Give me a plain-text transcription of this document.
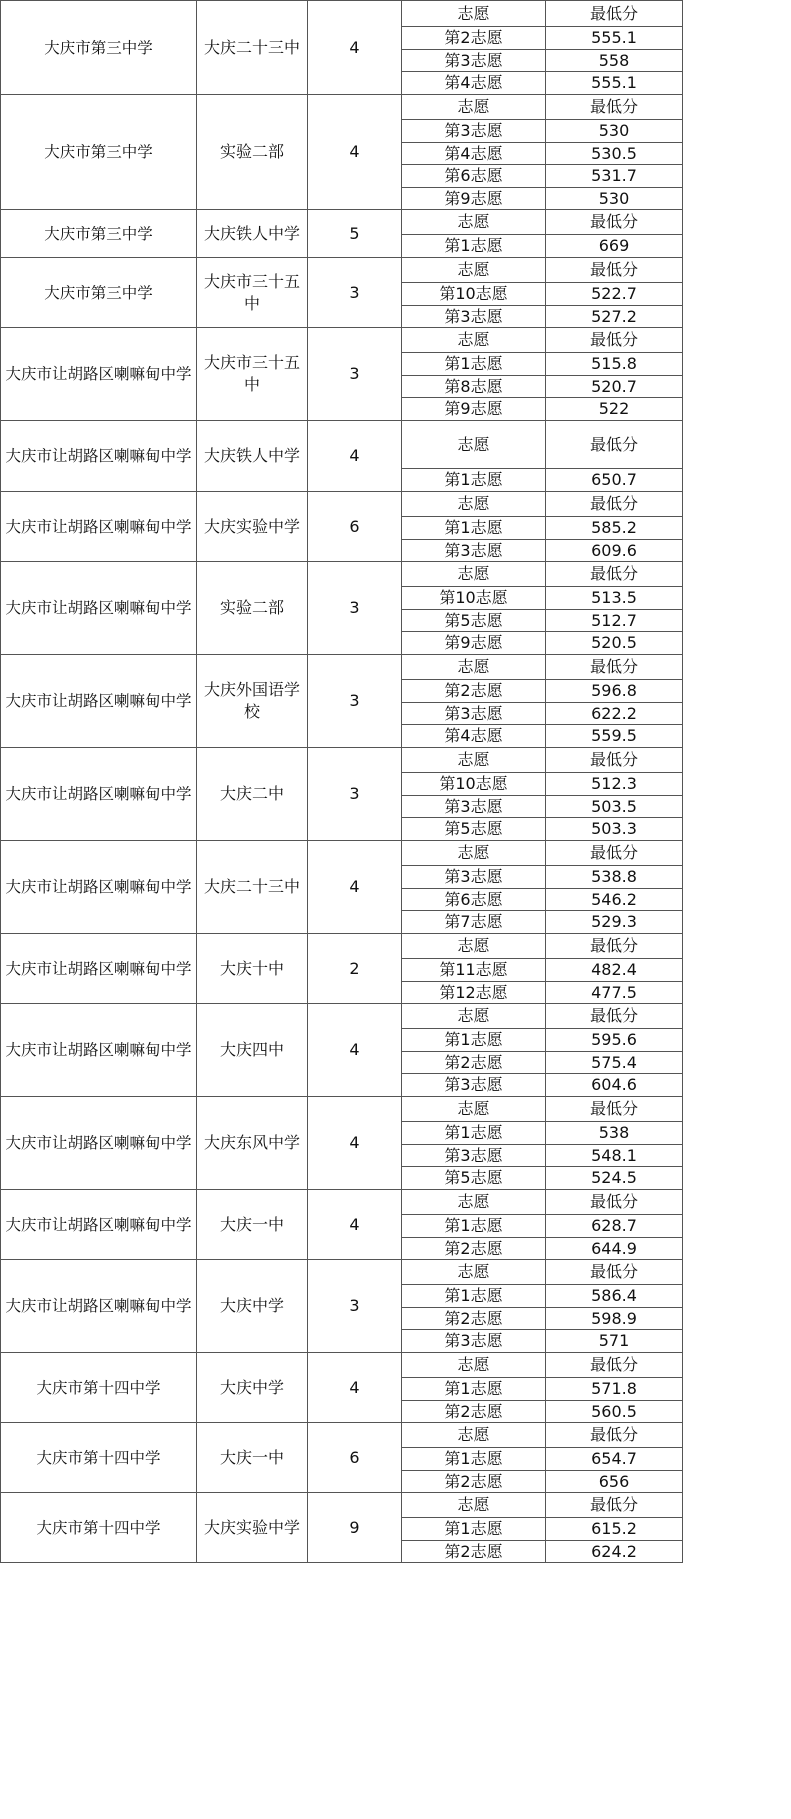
大庆市第三中学	大庆二十三中	4	志愿	最低分
			第2志愿	555.1
			第3志愿	558
			第4志愿	555.1
大庆市第三中学	实验二部	4	志愿	最低分
			第3志愿	530
			第4志愿	530.5
			第6志愿	531.7
			第9志愿	530
大庆市第三中学	大庆铁人中学	5	志愿	最低分
			第1志愿	669
大庆市第三中学	大庆市三十五中	3	志愿	最低分
			第10志愿	522.7
			第3志愿	527.2
大庆市让胡路区喇嘛甸中学	大庆市三十五中	3	志愿	最低分
			第1志愿	515.8
			第8志愿	520.7
			第9志愿	522
大庆市让胡路区喇嘛甸中学	大庆铁人中学	4	志愿	最低分
			第1志愿	650.7
大庆市让胡路区喇嘛甸中学	大庆实验中学	6	志愿	最低分
			第1志愿	585.2
			第3志愿	609.6
大庆市让胡路区喇嘛甸中学	实验二部	3	志愿	最低分
			第10志愿	513.5
			第5志愿	512.7
			第9志愿	520.5
大庆市让胡路区喇嘛甸中学	大庆外国语学校	3	志愿	最低分
			第2志愿	596.8
			第3志愿	622.2
			第4志愿	559.5
大庆市让胡路区喇嘛甸中学	大庆二中	3	志愿	最低分
			第10志愿	512.3
			第3志愿	503.5
			第5志愿	503.3
大庆市让胡路区喇嘛甸中学	大庆二十三中	4	志愿	最低分
			第3志愿	538.8
			第6志愿	546.2
			第7志愿	529.3
大庆市让胡路区喇嘛甸中学	大庆十中	2	志愿	最低分
			第11志愿	482.4
			第12志愿	477.5
大庆市让胡路区喇嘛甸中学	大庆四中	4	志愿	最低分
			第1志愿	595.6
			第2志愿	575.4
			第3志愿	604.6
大庆市让胡路区喇嘛甸中学	大庆东风中学	4	志愿	最低分
			第1志愿	538
			第3志愿	548.1
			第5志愿	524.5
大庆市让胡路区喇嘛甸中学	大庆一中	4	志愿	最低分
			第1志愿	628.7
			第2志愿	644.9
大庆市让胡路区喇嘛甸中学	大庆中学	3	志愿	最低分
			第1志愿	586.4
			第2志愿	598.9
			第3志愿	571
大庆市第十四中学	大庆中学	4	志愿	最低分
			第1志愿	571.8
			第2志愿	560.5
大庆市第十四中学	大庆一中	6	志愿	最低分
			第1志愿	654.7
			第2志愿	656
大庆市第十四中学	大庆实验中学	9	志愿	最低分
			第1志愿	615.2
			第2志愿	624.2
